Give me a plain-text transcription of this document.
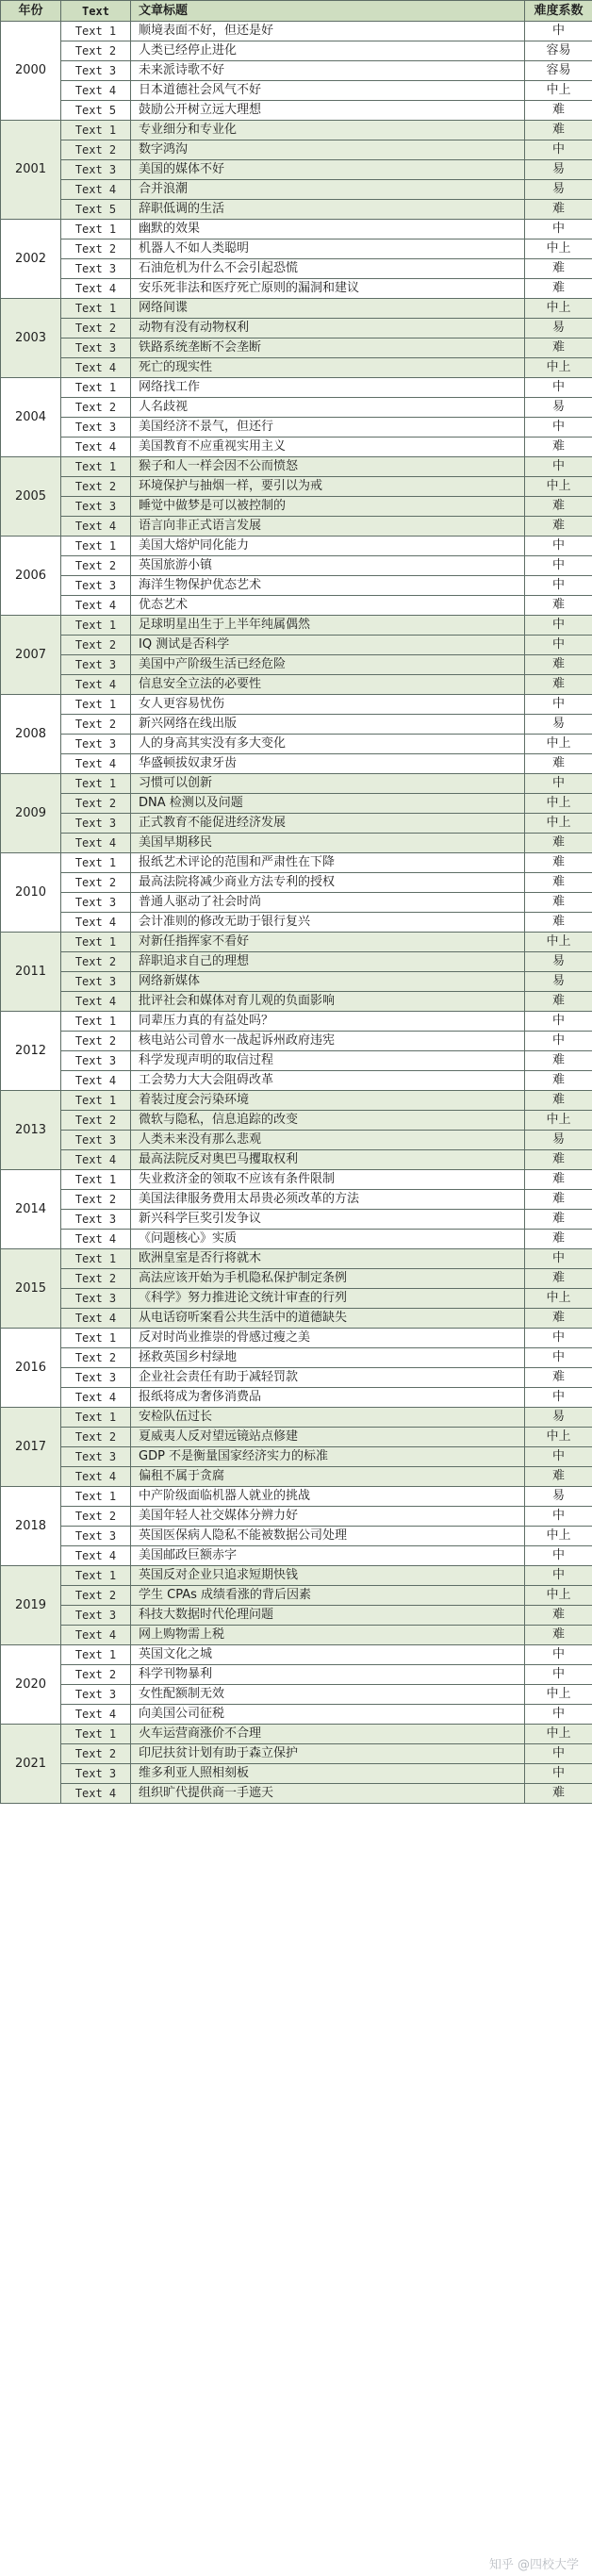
年份	Text	文章标题	难度系数
2000	Text 1	顺境表面不好，但还是好	中
	Text 2	人类已经停止进化	容易
	Text 3	未来派诗歌不好	容易
	Text 4	日本道德社会风气不好	中上
	Text 5	鼓励公开树立远大理想	难
2001	Text 1	专业细分和专业化	难
	Text 2	数字鸿沟	中
	Text 3	美国的媒体不好	易
	Text 4	合并浪潮	易
	Text 5	辞职低调的生活	难
2002	Text 1	幽默的效果	中
	Text 2	机器人不如人类聪明	中上
	Text 3	石油危机为什么不会引起恐慌	难
	Text 4	安乐死非法和医疗死亡原则的漏洞和建议	难
2003	Text 1	网络间谍	中上
	Text 2	动物有没有动物权利	易
	Text 3	铁路系统垄断不会垄断	难
	Text 4	死亡的现实性	中上
2004	Text 1	网络找工作	中
	Text 2	人名歧视	易
	Text 3	美国经济不景气，但还行	中
	Text 4	美国教育不应重视实用主义	难
2005	Text 1	猴子和人一样会因不公而愤怒	中
	Text 2	环境保护与抽烟一样，要引以为戒	中上
	Text 3	睡觉中做梦是可以被控制的	难
	Text 4	语言向非正式语言发展	难
2006	Text 1	美国大熔炉同化能力	中
	Text 2	英国旅游小镇	中
	Text 3	海洋生物保护优态艺术	中
	Text 4	优态艺术	难
2007	Text 1	足球明星出生于上半年纯属偶然	中
	Text 2	IQ 测试是否科学	中
	Text 3	美国中产阶级生活已经危险	难
	Text 4	信息安全立法的必要性	难
2008	Text 1	女人更容易忧伤	中
	Text 2	新兴网络在线出版	易
	Text 3	人的身高其实没有多大变化	中上
	Text 4	华盛顿拔奴隶牙齿	难
2009	Text 1	习惯可以创新	中
	Text 2	DNA 检测以及问题	中上
	Text 3	正式教育不能促进经济发展	中上
	Text 4	美国早期移民	难
2010	Text 1	报纸艺术评论的范围和严肃性在下降	难
	Text 2	最高法院将减少商业方法专利的授权	难
	Text 3	普通人驱动了社会时尚	难
	Text 4	会计准则的修改无助于银行复兴	难
2011	Text 1	对新任指挥家不看好	中上
	Text 2	辞职追求自己的理想	易
	Text 3	网络新媒体	易
	Text 4	批评社会和媒体对育儿观的负面影响	难
2012	Text 1	同辈压力真的有益处吗？	中
	Text 2	核电站公司曾水一战起诉州政府违宪	中
	Text 3	科学发现声明的取信过程	难
	Text 4	工会势力大大会阻碍改革	难
2013	Text 1	着装过度会污染环境	难
	Text 2	微软与隐私，信息追踪的改变	中上
	Text 3	人类未来没有那么悲观	易
	Text 4	最高法院反对奥巴马攫取权利	难
2014	Text 1	失业救济金的领取不应该有条件限制	难
	Text 2	美国法律服务费用太昂贵必须改革的方法	难
	Text 3	新兴科学巨奖引发争议	难
	Text 4	《问题核心》实质	难
2015	Text 1	欧洲皇室是否行将就木	中
	Text 2	高法应该开始为手机隐私保护制定条例	难
	Text 3	《科学》努力推进论文统计审查的行列	中上
	Text 4	从电话窃听案看公共生活中的道德缺失	难
2016	Text 1	反对时尚业推崇的骨感过瘦之美	中
	Text 2	拯救英国乡村绿地	中
	Text 3	企业社会责任有助于减轻罚款	难
	Text 4	报纸将成为奢侈消费品	中
2017	Text 1	安检队伍过长	易
	Text 2	夏威夷人反对望远镜站点修建	中上
	Text 3	GDP 不是衡量国家经济实力的标准	中
	Text 4	偏租不属于贪腐	难
2018	Text 1	中产阶级面临机器人就业的挑战	易
	Text 2	美国年轻人社交媒体分辨力好	中
	Text 3	英国医保病人隐私不能被数据公司处理	中上
	Text 4	美国邮政巨额赤字	中
2019	Text 1	英国反对企业只追求短期快钱	中
	Text 2	学生 CPAs 成绩看涨的背后因素	中上
	Text 3	科技大数据时代伦理问题	难
	Text 4	网上购物需上税	难
2020	Text 1	英国文化之城	中
	Text 2	科学刊物暴利	中
	Text 3	女性配额制无效	中上
	Text 4	向美国公司征税	中
2021	Text 1	火车运营商涨价不合理	中上
	Text 2	印尼扶贫计划有助于森立保护	中
	Text 3	维多利亚人照相刻板	中
	Text 4	组织旷代提供商一手遮天	难
知乎 @四校大学
